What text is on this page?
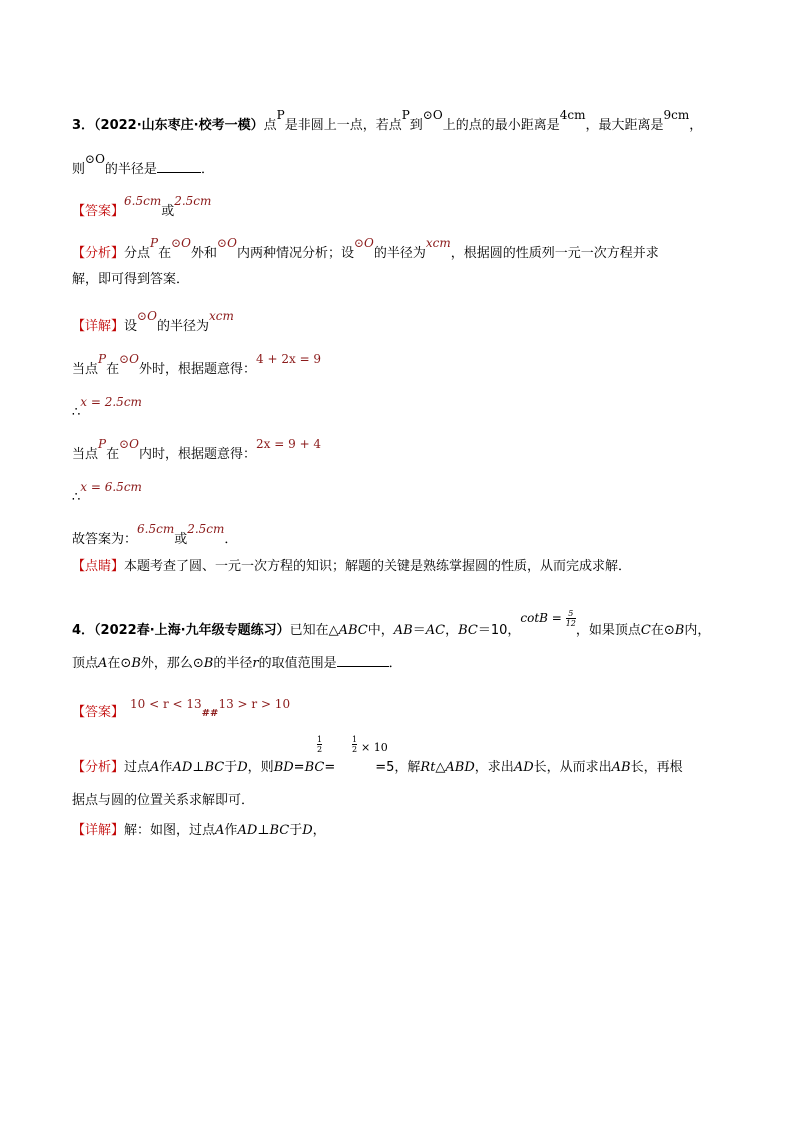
3．（2022·山东枣庄·校考一模）点P是非圆上一点，若点P到⊙O上的点的最小距离是4cm，最大距离是9cm，
则⊙O的半径是	．
【答案】6.5cm或2.5cm
【分析】分点P在⊙O外和⊙O内两种情况分析；设⊙O的半径为xcm，根据圆的性质列一元一次方程并求
解，即可得到答案．
【详解】设⊙O的半径为xcm
当点P在⊙O外时，根据题意得：4 + 2x = 9
∴x = 2.5cm
当点P在⊙O内时，根据题意得：2x = 9 + 4
∴x = 6.5cm
故答案为：6.5cm或2.5cm．
【点睛】本题考查了圆、一元一次方程的知识；解题的关键是熟练掌握圆的性质，从而完成求解．
4．（2022春·上海·九年级专题练习）已知在△ABC中，AB＝AC，BC＝10，$\cot B = \frac{5}{12}$，如果顶点C在⊙B内，
顶点A在⊙B外，那么⊙B的半径r的取值范围是	．
【答案】10 < r < 13##13 > r > 10
$\frac{1}{2}$	$\frac{1}{2} \times 10$
【分析】过点A作AD⊥BC于D，则BD=BC=	=5，解Rt△ABD，求出AD长，从而求出AB长，再根
据点与圆的位置关系求解即可．
【详解】解：如图，过点A作AD⊥BC于D，
